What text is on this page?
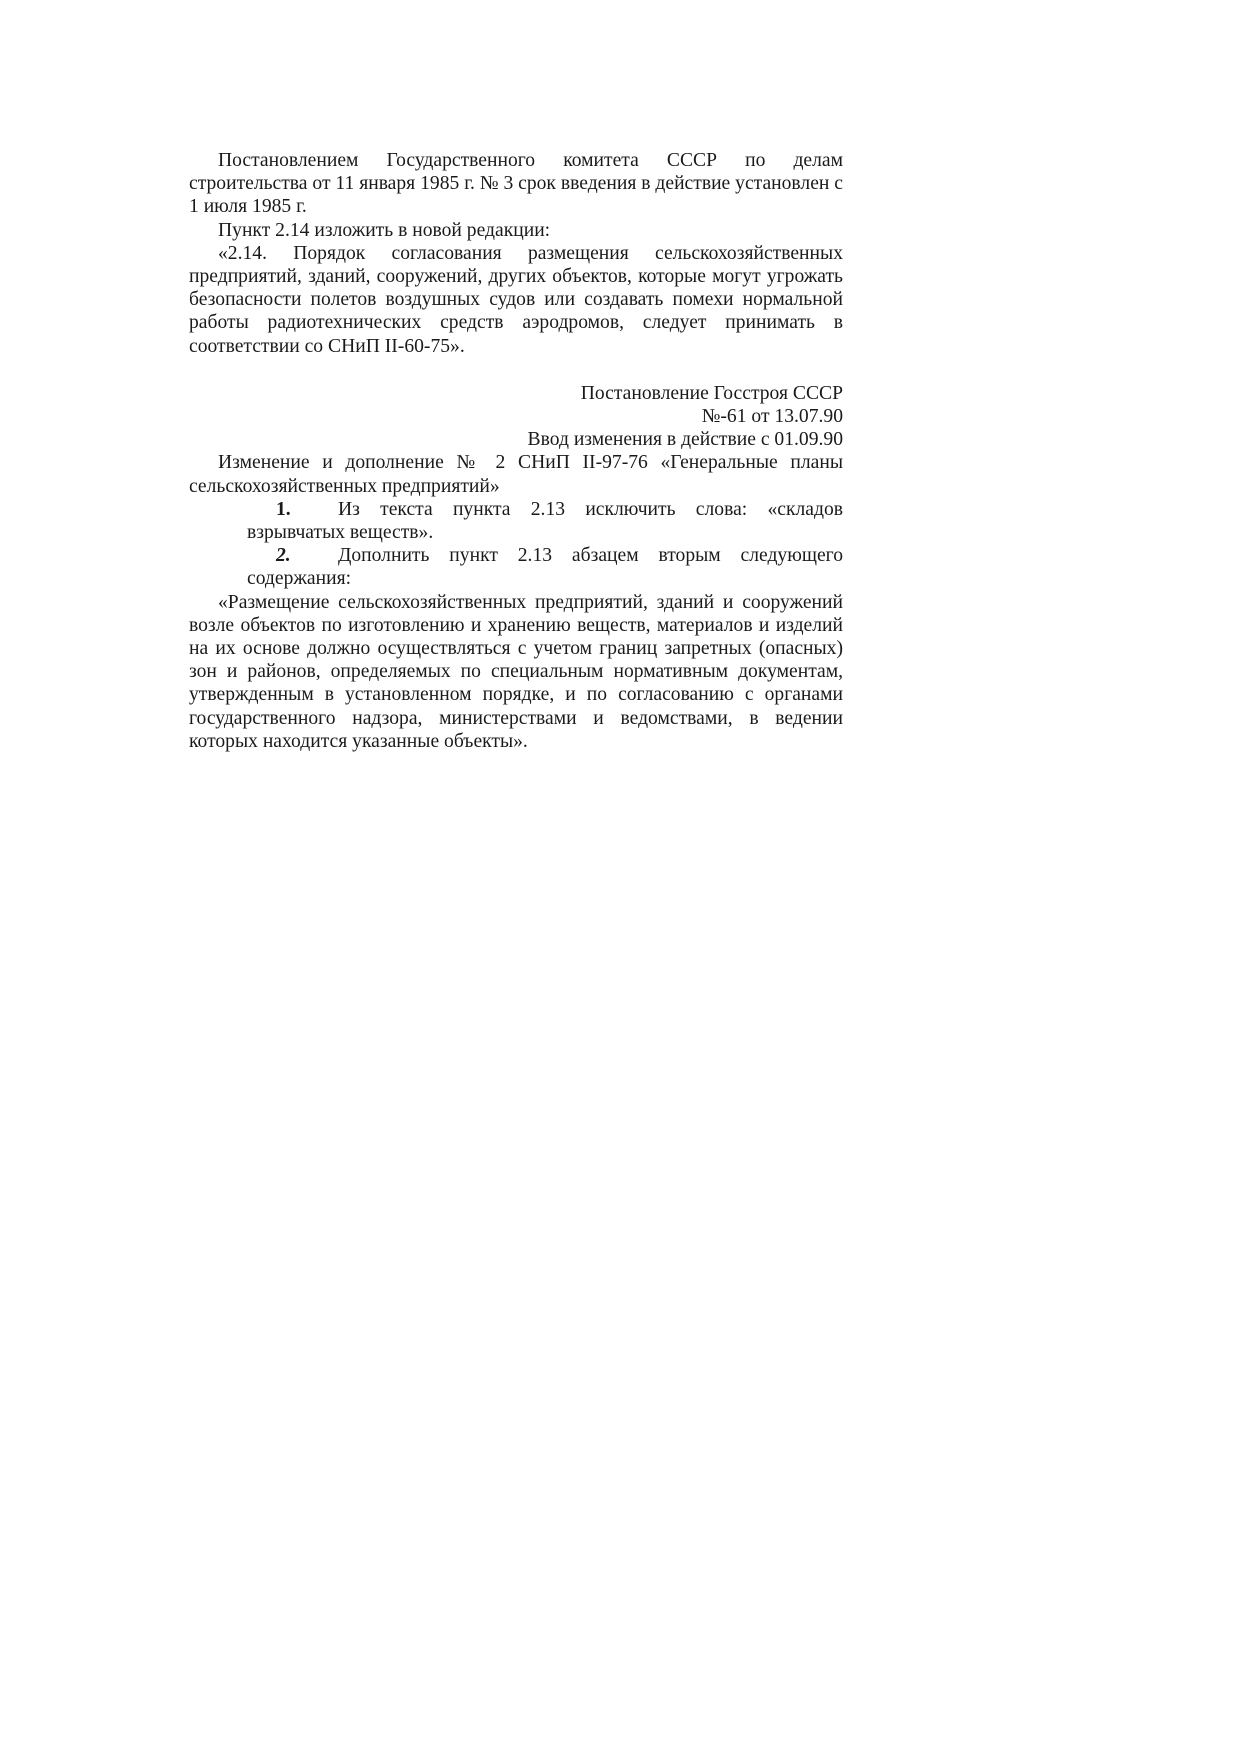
Постановлением Государственного комитета СССР по делам строительства от 11 января 1985 г. № 3 срок введения в действие установлен с 1 июля 1985 г.

Пункт 2.14 изложить в новой редакции:

«2.14. Порядок согласования размещения сельскохозяйственных предприятий, зданий, сооружений, других объектов, которые могут угрожать безопасности полетов воздушных судов или создавать помехи нормальной работы радиотехнических средств аэродромов, следует принимать в соответствии со СНиП II-60-75».

Постановление Госстроя СССР

№-61 от 13.07.90

Ввод изменения в действие с 01.09.90

Изменение и дополнение № 2 СНиП II-97-76 «Генеральные планы сельскохозяйственных предприятий»

1. Из текста пункта 2.13 исключить слова: «складов взрывчатых веществ».

2. Дополнить пункт 2.13 абзацем вторым следующего содержания:

«Размещение сельскохозяйственных предприятий, зданий и сооружений возле объектов по изготовлению и хранению веществ, материалов и изделий на их основе должно осуществляться с учетом границ запретных (опасных) зон и районов, определяемых по специальным нормативным документам, утвержденным в установленном порядке, и по согласованию с органами государственного надзора, министерствами и ведомствами, в ведении которых находится указанные объекты».
